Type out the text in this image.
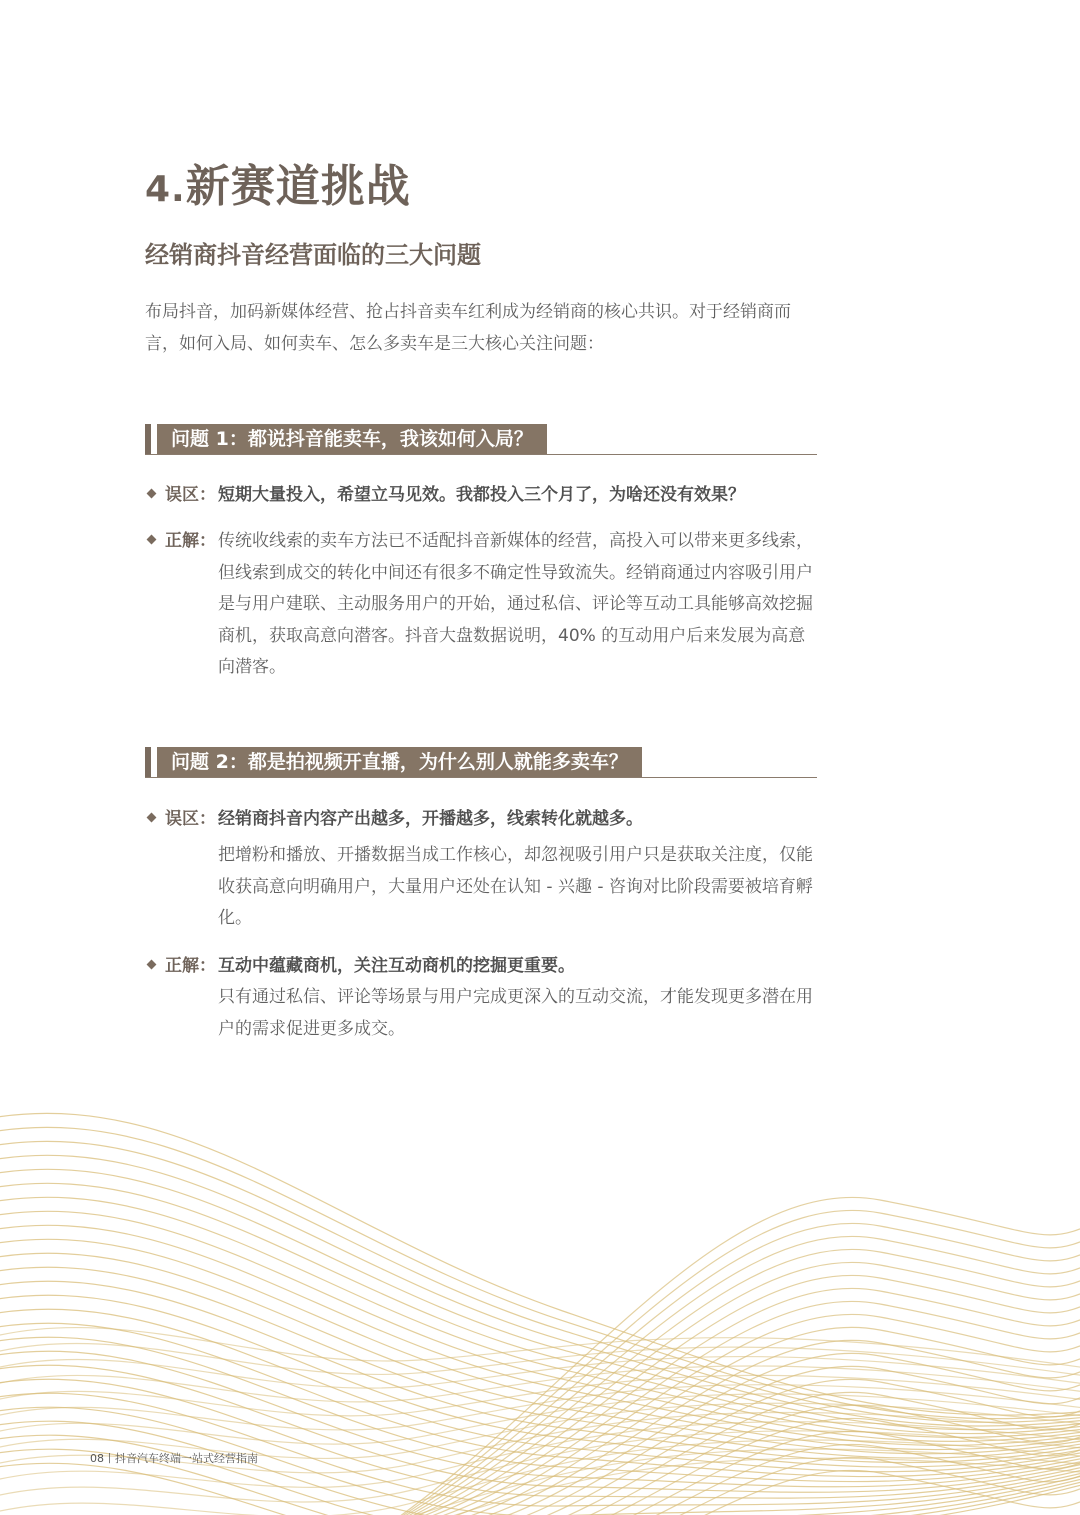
4.新赛道挑战
经销商抖音经营面临的三大问题

布局抖音，加码新媒体经营、抢占抖音卖车红利成为经销商的核心共识。对于经销商而言，如何入局、如何卖车、怎么多卖车是三大核心关注问题：

问题 1：都说抖音能卖车，我该如何入局？
误区： 短期大量投入，希望立马见效。我都投入三个月了，为啥还没有效果？
正解： 传统收线索的卖车方法已不适配抖音新媒体的经营，高投入可以带来更多线索，但线索到成交的转化中间还有很多不确定性导致流失。经销商通过内容吸引用户是与用户建联、主动服务用户的开始，通过私信、评论等互动工具能够高效挖掘商机，获取高意向潜客。抖音大盘数据说明，40% 的互动用户后来发展为高意向潜客。
问题 2：都是拍视频开直播，为什么别人就能多卖车？
误区： 经销商抖音内容产出越多，开播越多，线索转化就越多。
把增粉和播放、开播数据当成工作核心，却忽视吸引用户只是获取关注度，仅能收获高意向明确用户，大量用户还处在认知 - 兴趣 - 咨询对比阶段需要被培育孵化。
正解： 互动中蕴藏商机，关注互动商机的挖掘更重要。
只有通过私信、评论等场景与用户完成更深入的互动交流，才能发现更多潜在用户的需求促进更多成交。
08丨抖音汽车终端一站式经营指南
